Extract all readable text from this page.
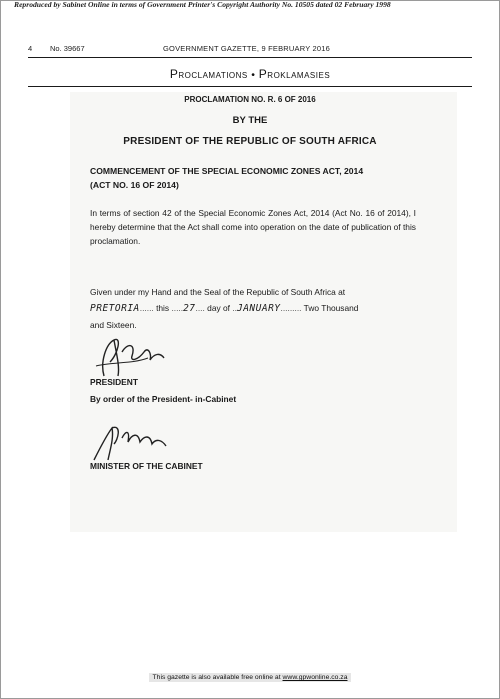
Reproduced by Sabinet Online in terms of Government Printer's Copyright Authority No. 10505 dated 02 February 1998
4 No. 39667	GOVERNMENT GAZETTE, 9 FEBRUARY 2016
Proclamations • Proklamasies
PROCLAMATION NO. R. 6 OF 2016
BY THE
PRESIDENT OF THE REPUBLIC OF SOUTH AFRICA
COMMENCEMENT OF THE SPECIAL ECONOMIC ZONES ACT, 2014
(ACT NO. 16 OF 2014)
In terms of section 42 of the Special Economic Zones Act, 2014 (Act No. 16 of 2014), I hereby determine that the Act shall come into operation on the date of publication of this proclamation.
Given under my Hand and the Seal of the Republic of South Africa at
PRETORIA...... this .....27.... day of ..JANUARY......... Two Thousand
and Sixteen.
PRESIDENT
By order of the President- in-Cabinet
MINISTER OF THE CABINET
This gazette is also available free online at www.gpwonline.co.za
